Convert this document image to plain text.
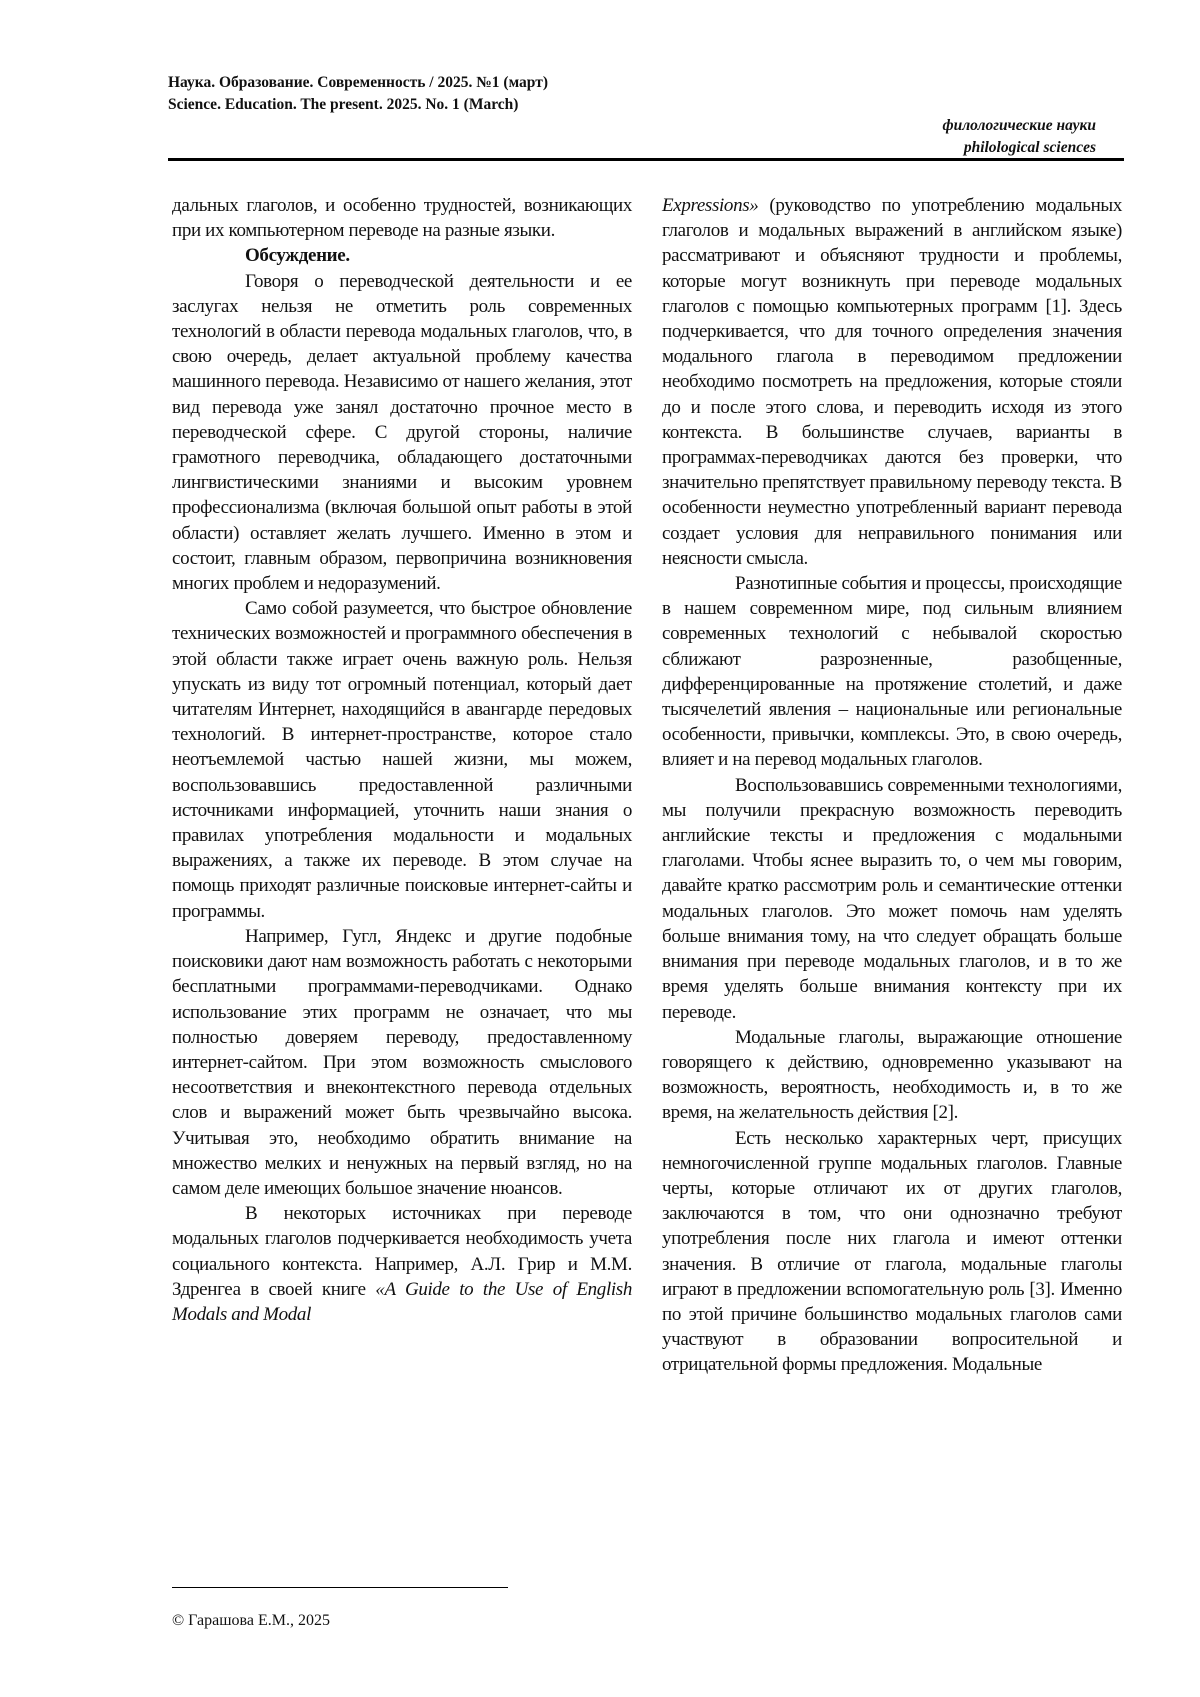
Наука. Образование. Современность / 2025. №1 (март)
Science. Education. The present. 2025. No. 1 (March)
филологические науки
philological sciences

дальных глаголов, и особенно трудностей, возникающих при их компьютерном переводе на разные языки.

Обсуждение.

Говоря о переводческой деятельности и ее заслугах нельзя не отметить роль современных технологий в области перевода модальных глаголов, что, в свою очередь, делает актуальной проблему качества машинного перевода. Независимо от нашего желания, этот вид перевода уже занял достаточно прочное место в переводческой сфере. С другой стороны, наличие грамотного переводчика, обладающего достаточными лингвистическими знаниями и высоким уровнем профессионализма (включая большой опыт работы в этой области) оставляет желать лучшего. Именно в этом и состоит, главным образом, первопричина возникновения многих проблем и недоразумений.

Само собой разумеется, что быстрое обновление технических возможностей и программного обеспечения в этой области также играет очень важную роль. Нельзя упускать из виду тот огромный потенциал, который дает читателям Интернет, находящийся в авангарде передовых технологий. В интернет-пространстве, которое стало неотъемлемой частью нашей жизни, мы можем, воспользовавшись предоставленной различными источниками информацией, уточнить наши знания о правилах употребления модальности и модальных выражениях, а также их переводе. В этом случае на помощь приходят различные поисковые интернет-сайты и программы.

Например, Гугл, Яндекс и другие подобные поисковики дают нам возможность работать с некоторыми бесплатными программами-переводчиками. Однако использование этих программ не означает, что мы полностью доверяем переводу, предоставленному интернет-сайтом. При этом возможность смыслового несоответствия и внеконтекстного перевода отдельных слов и выражений может быть чрезвычайно высока. Учитывая это, необходимо обратить внимание на множество мелких и ненужных на первый взгляд, но на самом деле имеющих большое значение нюансов.

В некоторых источниках при переводе модальных глаголов подчеркивается необходимость учета социального контекста. Например, А.Л. Грир и М.М. Здренгеа в своей книге «A Guide to the Use of English Modals and Modal

Expressions» (руководство по употреблению модальных глаголов и модальных выражений в английском языке) рассматривают и объясняют трудности и проблемы, которые могут возникнуть при переводе модальных глаголов с помощью компьютерных программ [1]. Здесь подчеркивается, что для точного определения значения модального глагола в переводимом предложении необходимо посмотреть на предложения, которые стояли до и после этого слова, и переводить исходя из этого контекста. В большинстве случаев, варианты в программах-переводчиках даются без проверки, что значительно препятствует правильному переводу текста. В особенности неуместно употребленный вариант перевода создает условия для неправильного понимания или неясности смысла.

Разнотипные события и процессы, происходящие в нашем современном мире, под сильным влиянием современных технологий с небывалой скоростью сближают разрозненные, разобщенные, дифференцированные на протяжение столетий, и даже тысячелетий явления – национальные или региональные особенности, привычки, комплексы. Это, в свою очередь, влияет и на перевод модальных глаголов.

Воспользовавшись современными технологиями, мы получили прекрасную возможность переводить английские тексты и предложения с модальными глаголами. Чтобы яснее выразить то, о чем мы говорим, давайте кратко рассмотрим роль и семантические оттенки модальных глаголов. Это может помочь нам уделять больше внимания тому, на что следует обращать больше внимания при переводе модальных глаголов, и в то же время уделять больше внимания контексту при их переводе.

Модальные глаголы, выражающие отношение говорящего к действию, одновременно указывают на возможность, вероятность, необходимость и, в то же время, на желательность действия [2].

Есть несколько характерных черт, присущих немногочисленной группе модальных глаголов. Главные черты, которые отличают их от других глаголов, заключаются в том, что они однозначно требуют употребления после них глагола и имеют оттенки значения. В отличие от глагола, модальные глаголы играют в предложении вспомогательную роль [3]. Именно по этой причине большинство модальных глаголов сами участвуют в образовании вопросительной и отрицательной формы предложения. Модальные

© Гарашова Е.М., 2025
